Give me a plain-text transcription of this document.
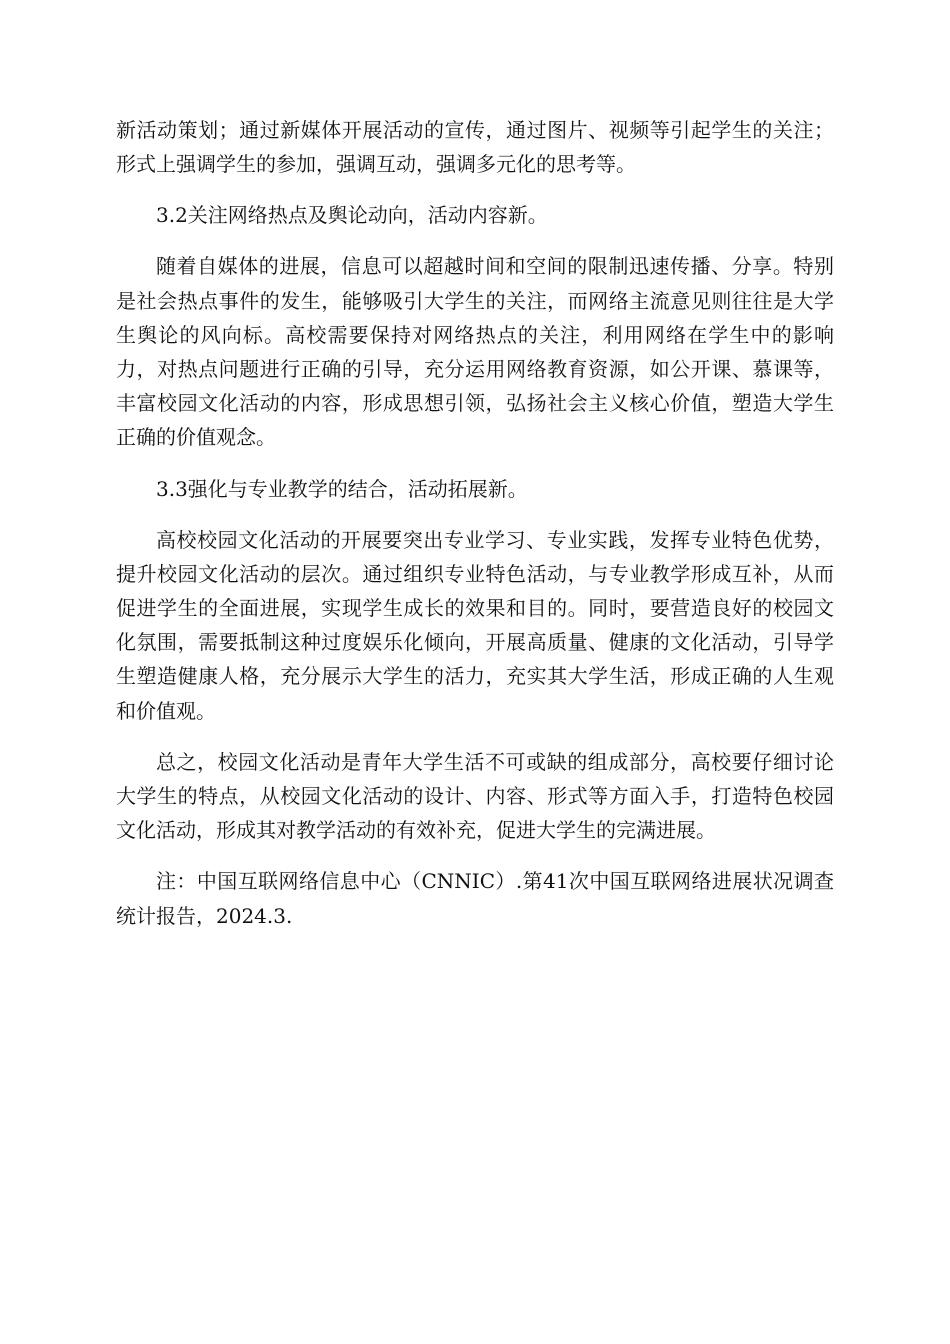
新活动策划；通过新媒体开展活动的宣传，通过图片、视频等引起学生的关注；形式上强调学生的参加，强调互动，强调多元化的思考等。

3.2关注网络热点及舆论动向，活动内容新。

随着自媒体的进展，信息可以超越时间和空间的限制迅速传播、分享。特别是社会热点事件的发生，能够吸引大学生的关注，而网络主流意见则往往是大学生舆论的风向标。高校需要保持对网络热点的关注，利用网络在学生中的影响力，对热点问题进行正确的引导，充分运用网络教育资源，如公开课、慕课等，丰富校园文化活动的内容，形成思想引领，弘扬社会主义核心价值，塑造大学生正确的价值观念。

3.3强化与专业教学的结合，活动拓展新。

高校校园文化活动的开展要突出专业学习、专业实践，发挥专业特色优势，提升校园文化活动的层次。通过组织专业特色活动，与专业教学形成互补，从而促进学生的全面进展，实现学生成长的效果和目的。同时，要营造良好的校园文化氛围，需要抵制这种过度娱乐化倾向，开展高质量、健康的文化活动，引导学生塑造健康人格，充分展示大学生的活力，充实其大学生活，形成正确的人生观和价值观。

总之，校园文化活动是青年大学生活不可或缺的组成部分，高校要仔细讨论大学生的特点，从校园文化活动的设计、内容、形式等方面入手，打造特色校园文化活动，形成其对教学活动的有效补充，促进大学生的完满进展。

注：中国互联网络信息中心（CNNIC）.第41次中国互联网络进展状况调查统计报告，2024.3.
